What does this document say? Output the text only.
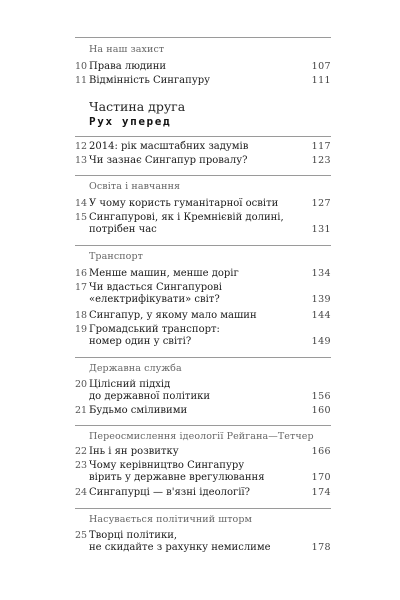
На наш захист
10 Права людини	107
11 Відмінність Сингапуру	111
Частина друга
Рух уперед
12 2014: рік масштабних задумів	117
13 Чи зазнає Сингапур провалу?	123
Освіта і навчання
14 У чому користь гуманітарної освіти	127
15 Сингапурові, як і Кремнієвій долині,
потрібен час	131
Транспорт
16 Менше машин, менше доріг	134
17 Чи вдасться Сингапурові
«електрифікувати» світ?	139
18 Сингапур, у якому мало машин	144
19 Громадський транспорт:
номер один у світі?	149
Державна служба
20 Цілісний підхід
до державної політики	156
21 Будьмо сміливими	160
Переосмислення ідеології Рейгана—Тетчер
22 Інь і ян розвитку	166
23 Чому керівництво Сингапуру
вірить у державне врегулювання	170
24 Сингапурці — в'язні ідеології?	174
Насувається політичний шторм
25 Творці політики,
не скидайте з рахунку немислиме	178
